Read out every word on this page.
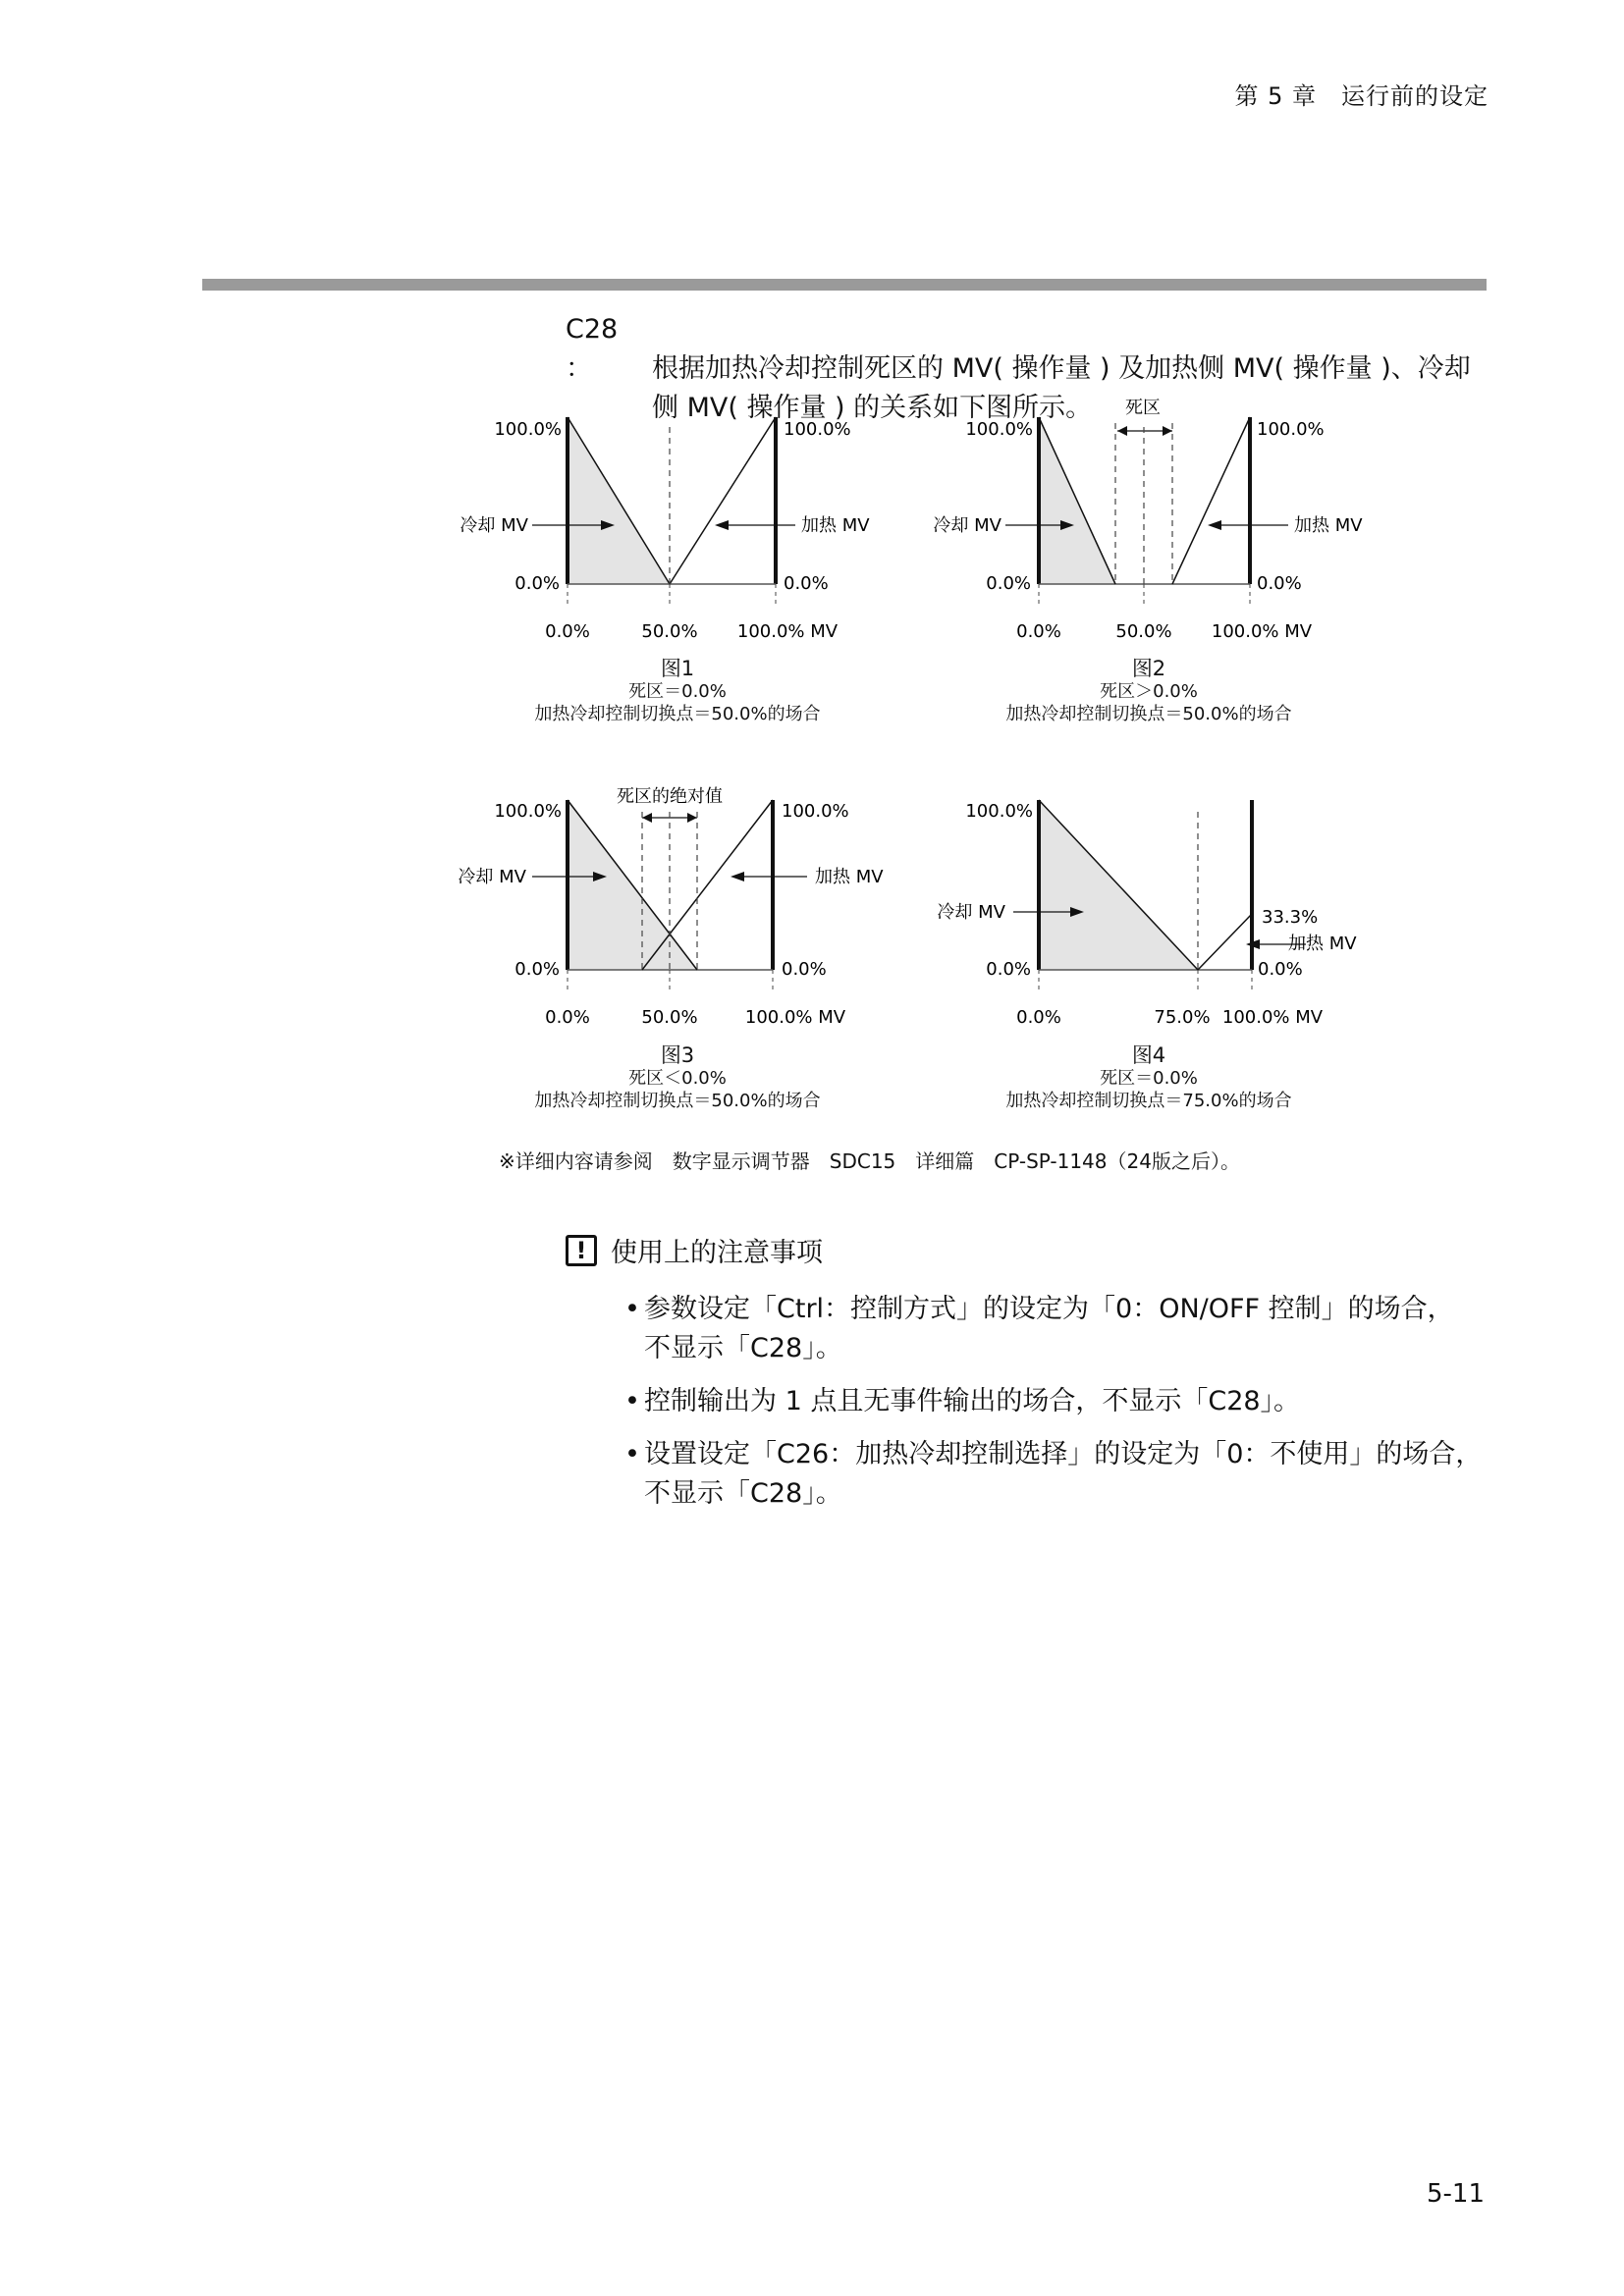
第 5 章　运行前的设定
C28 ： 根据加热冷却控制死区的 MV( 操作量 ) 及加热侧 MV( 操作量 )、冷却
侧 MV( 操作量 ) 的关系如下图所示。
100.0%	100.0%
冷却 MV	加热 MV
0.0%	0.0%
0.0%	50.0% 100.0% MV
图1
死区＝0.0%
加热冷却控制切换点＝50.0%的场合
死区
100.0%	100.0%
冷却 MV	加热 MV
0.0%	0.0%
0.0%	50.0% 100.0% MV
图2
死区＞0.0%
加热冷却控制切换点＝50.0%的场合
死区的绝对值
100.0%	100.0%
冷却 MV	加热 MV
0.0%	0.0%
0.0%	50.0%	100.0% MV
图3
死区＜0.0%
加热冷却控制切换点＝50.0%的场合
100.0%
33.3%
冷却 MV
加热 MV
0.0%	0.0%
0.0%	75.0% 100.0% MV
图4
死区＝0.0%
加热冷却控制切换点＝75.0%的场合
※详细内容请参阅　数字显示调节器　SDC15　详细篇　CP-SP-1148（24版之后）。
! 使用上的注意事项
• 参数设定「Ctrl：控制方式」的设定为「0：ON/OFF 控制」的场合，
不显示「C28」。
• 控制输出为 1 点且无事件输出的场合，不显示「C28」。
• 设置设定「C26：加热冷却控制选择」的设定为「0：不使用」的场合，
不显示「C28」。
5-11
